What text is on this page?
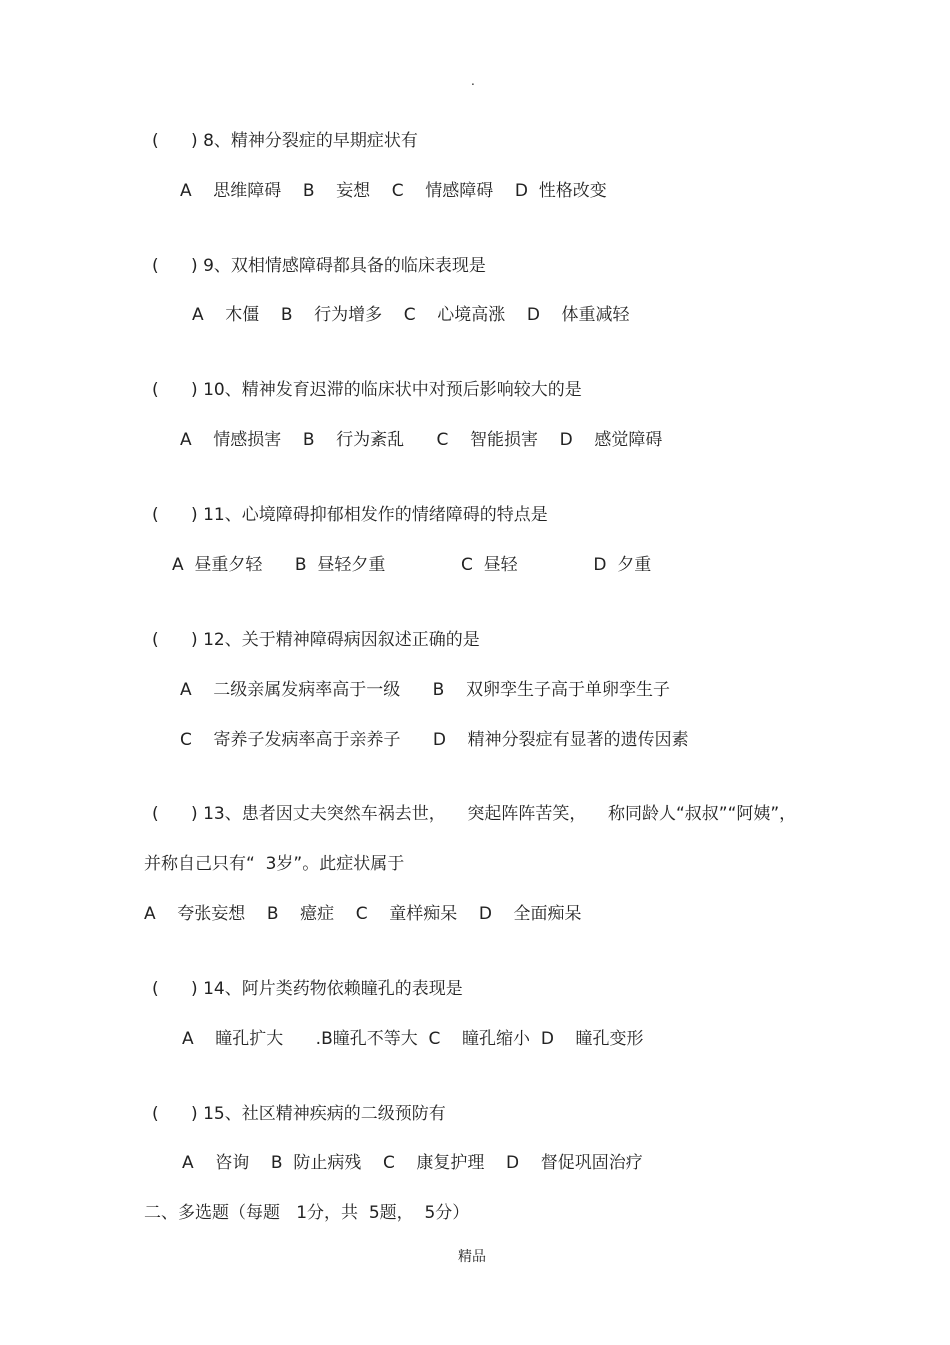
.
(      ) 8、精神分裂症的早期症状有
A    思维障碍    B    妄想    C    情感障碍    D  性格改变
(      ) 9、双相情感障碍都具备的临床表现是
A    木僵    B    行为增多    C    心境高涨    D    体重减轻
(      ) 10、精神发育迟滞的临床状中对预后影响较大的是
A    情感损害    B    行为紊乱      C    智能损害    D    感觉障碍
(      ) 11、心境障碍抑郁相发作的情绪障碍的特点是
A  昼重夕轻      B  昼轻夕重              C  昼轻              D  夕重
(      ) 12、关于精神障碍病因叙述正确的是
A    二级亲属发病率高于一级      B    双卵孪生子高于单卵孪生子
C    寄养子发病率高于亲养子      D    精神分裂症有显著的遗传因素
(      ) 13、患者因丈夫突然车祸去世，    突起阵阵苦笑，    称同龄人“叔叔”“阿姨”，
并称自己只有“  3岁”。此症状属于
A    夸张妄想    B    癔症    C    童样痴呆    D    全面痴呆
(      ) 14、阿片类药物依赖瞳孔的表现是
A    瞳孔扩大      .B瞳孔不等大  C    瞳孔缩小  D    瞳孔变形
(      ) 15、社区精神疾病的二级预防有
A    咨询    B  防止病残    C    康复护理    D    督促巩固治疗
二、多选题（每题   1分，共  5题，  5分）
精品
